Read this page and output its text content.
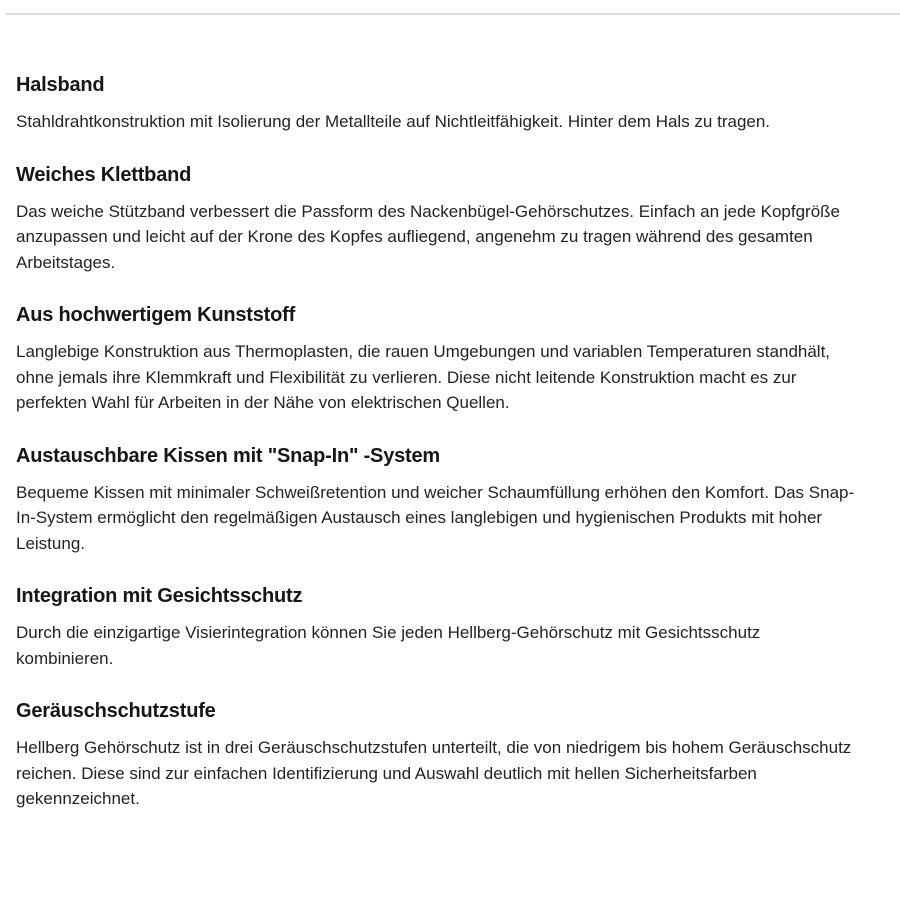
Halsband

Stahldrahtkonstruktion mit Isolierung der Metallteile auf Nichtleitfähigkeit. Hinter dem Hals zu tragen.

Weiches Klettband

Das weiche Stützband verbessert die Passform des Nackenbügel-Gehörschutzes. Einfach an jede Kopfgröße anzupassen und leicht auf der Krone des Kopfes aufliegend, angenehm zu tragen während des gesamten Arbeitstages.

Aus hochwertigem Kunststoff

Langlebige Konstruktion aus Thermoplasten, die rauen Umgebungen und variablen Temperaturen standhält, ohne jemals ihre Klemmkraft und Flexibilität zu verlieren. Diese nicht leitende Konstruktion macht es zur perfekten Wahl für Arbeiten in der Nähe von elektrischen Quellen.

Austauschbare Kissen mit "Snap-In" -System

Bequeme Kissen mit minimaler Schweißretention und weicher Schaumfüllung erhöhen den Komfort. Das Snap-In-System ermöglicht den regelmäßigen Austausch eines langlebigen und hygienischen Produkts mit hoher Leistung.

Integration mit Gesichtsschutz

Durch die einzigartige Visierintegration können Sie jeden Hellberg-Gehörschutz mit Gesichtsschutz kombinieren.

Geräuschschutzstufe

Hellberg Gehörschutz ist in drei Geräuschschutzstufen unterteilt, die von niedrigem bis hohem Geräuschschutz reichen. Diese sind zur einfachen Identifizierung und Auswahl deutlich mit hellen Sicherheitsfarben gekennzeichnet.
